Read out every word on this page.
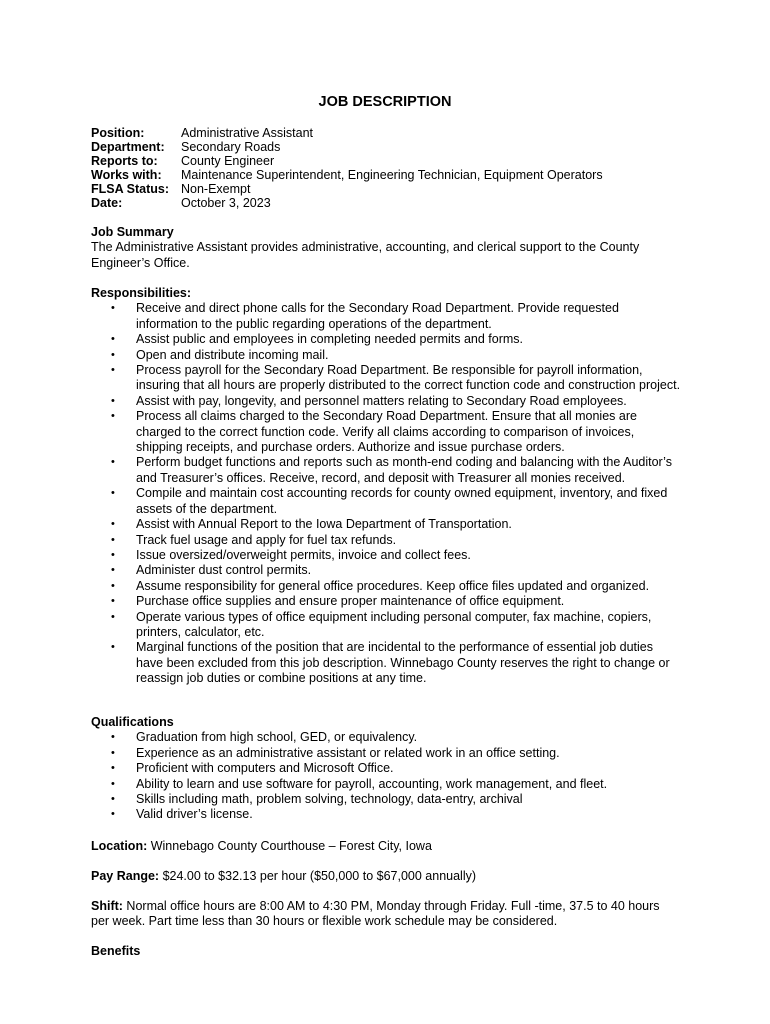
JOB DESCRIPTION
Position:	Administrative Assistant
Department:	Secondary Roads
Reports to:	County Engineer
Works with:	Maintenance Superintendent, Engineering Technician, Equipment Operators
FLSA Status:	Non-Exempt
Date:	October 3, 2023

Job Summary

The Administrative Assistant provides administrative, accounting, and clerical support to the County Engineer’s Office.

Responsibilities:

• Receive and direct phone calls for the Secondary Road Department. Provide requested information to the public regarding operations of the department.
• Assist public and employees in completing needed permits and forms.
• Open and distribute incoming mail.
• Process payroll for the Secondary Road Department. Be responsible for payroll information, insuring that all hours are properly distributed to the correct function code and construction project.
• Assist with pay, longevity, and personnel matters relating to Secondary Road employees.
• Process all claims charged to the Secondary Road Department. Ensure that all monies are charged to the correct function code. Verify all claims according to comparison of invoices, shipping receipts, and purchase orders. Authorize and issue purchase orders.
• Perform budget functions and reports such as month-end coding and balancing with the Auditor’s and Treasurer’s offices. Receive, record, and deposit with Treasurer all monies received.
• Compile and maintain cost accounting records for county owned equipment, inventory, and fixed assets of the department.
• Assist with Annual Report to the Iowa Department of Transportation.
• Track fuel usage and apply for fuel tax refunds.
• Issue oversized/overweight permits, invoice and collect fees.
• Administer dust control permits.
• Assume responsibility for general office procedures. Keep office files updated and organized.
• Purchase office supplies and ensure proper maintenance of office equipment.
• Operate various types of office equipment including personal computer, fax machine, copiers, printers, calculator, etc.
• Marginal functions of the position that are incidental to the performance of essential job duties have been excluded from this job description. Winnebago County reserves the right to change or reassign job duties or combine positions at any time.

Qualifications

• Graduation from high school, GED, or equivalency.
• Experience as an administrative assistant or related work in an office setting.
• Proficient with computers and Microsoft Office.
• Ability to learn and use software for payroll, accounting, work management, and fleet.
• Skills including math, problem solving, technology, data-entry, archival
• Valid driver’s license.

Location: Winnebago County Courthouse – Forest City, Iowa

Pay Range: $24.00 to $32.13 per hour ($50,000 to $67,000 annually)

Shift: Normal office hours are 8:00 AM to 4:30 PM, Monday through Friday. Full -time, 37.5 to 40 hours per week. Part time less than 30 hours or flexible work schedule may be considered.

Benefits
